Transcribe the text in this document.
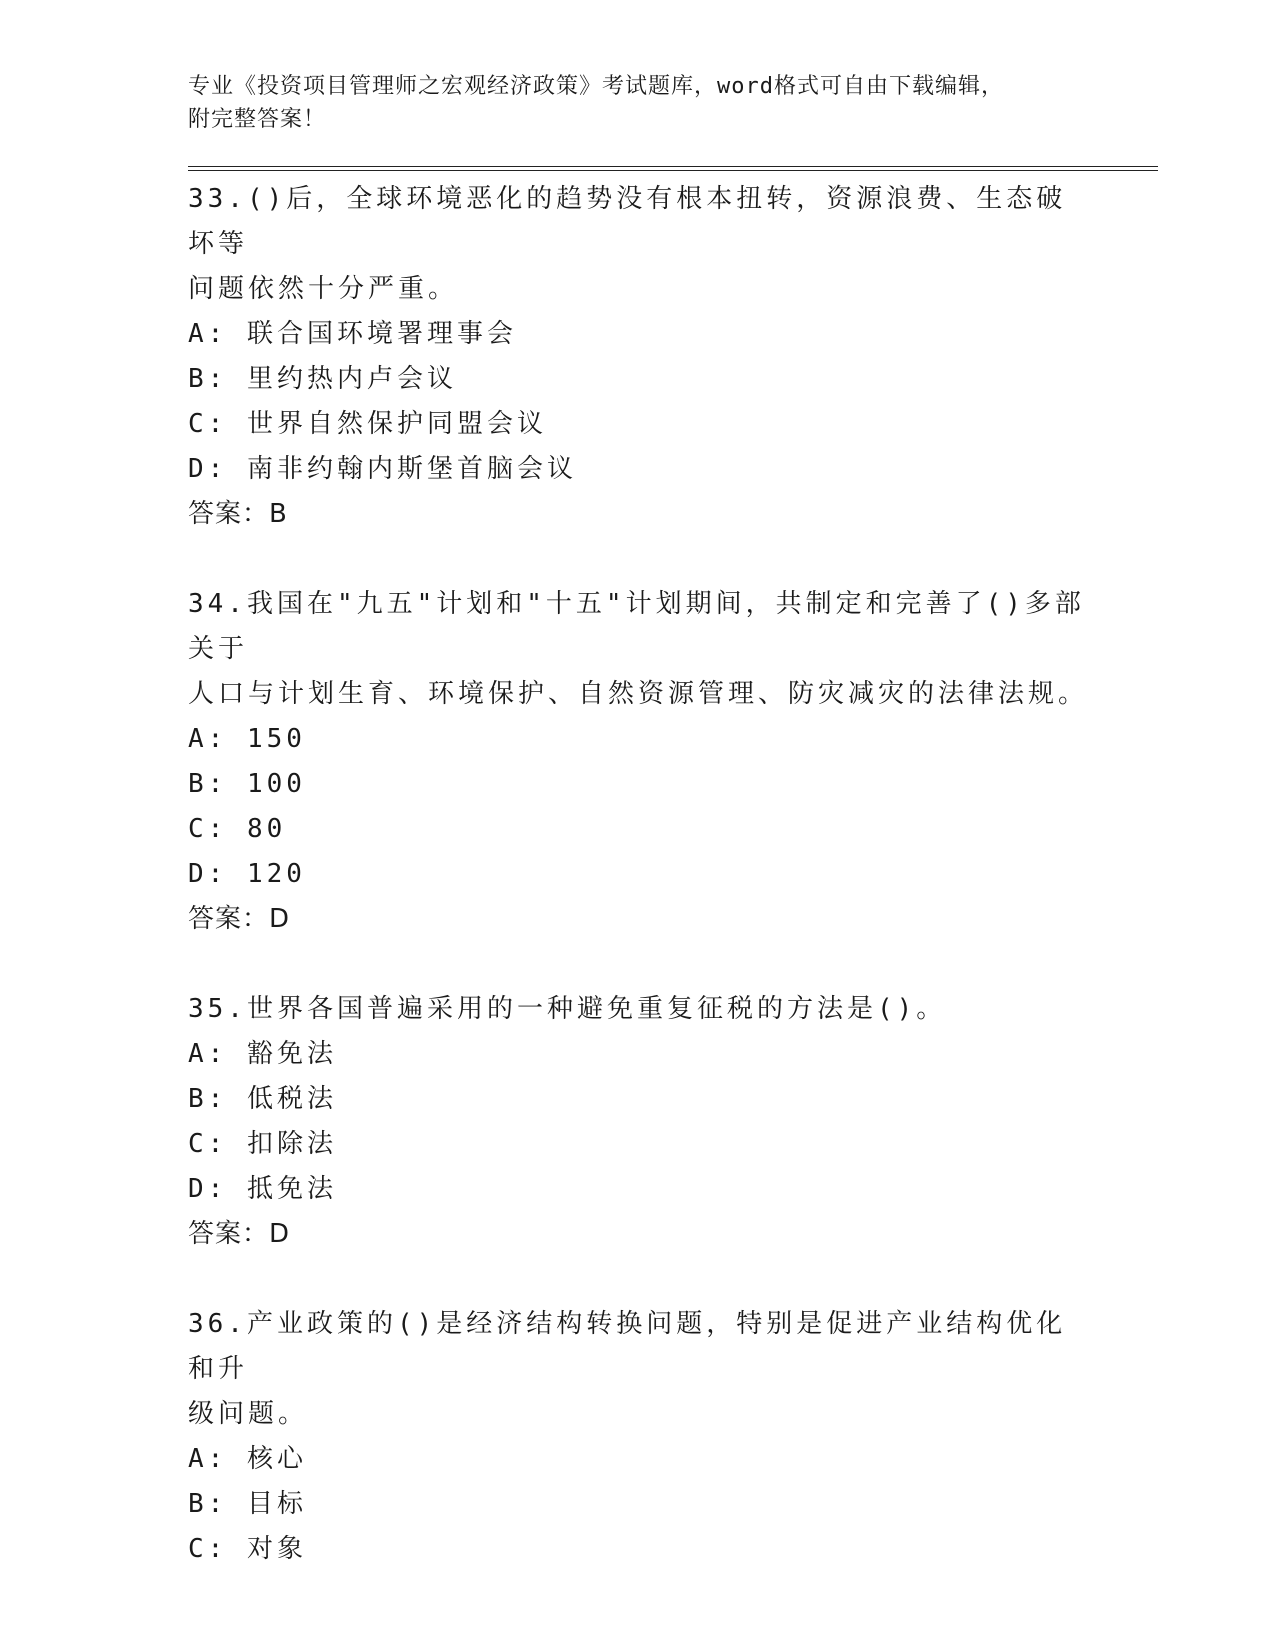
专业《投资项目管理师之宏观经济政策》考试题库，word格式可自由下载编辑，

附完整答案！

33.()后，全球环境恶化的趋势没有根本扭转，资源浪费、生态破坏等

问题依然十分严重。

A: 联合国环境署理事会

B: 里约热内卢会议

C: 世界自然保护同盟会议

D: 南非约翰内斯堡首脑会议

答案：B

34.我国在"九五"计划和"十五"计划期间，共制定和完善了()多部关于

人口与计划生育、环境保护、自然资源管理、防灾减灾的法律法规。

A: 150

B: 100

C: 80

D: 120

答案：D

35.世界各国普遍采用的一种避免重复征税的方法是()。

A: 豁免法

B: 低税法

C: 扣除法

D: 抵免法

答案：D

36.产业政策的()是经济结构转换问题，特别是促进产业结构优化和升

级问题。

A: 核心

B: 目标

C: 对象
